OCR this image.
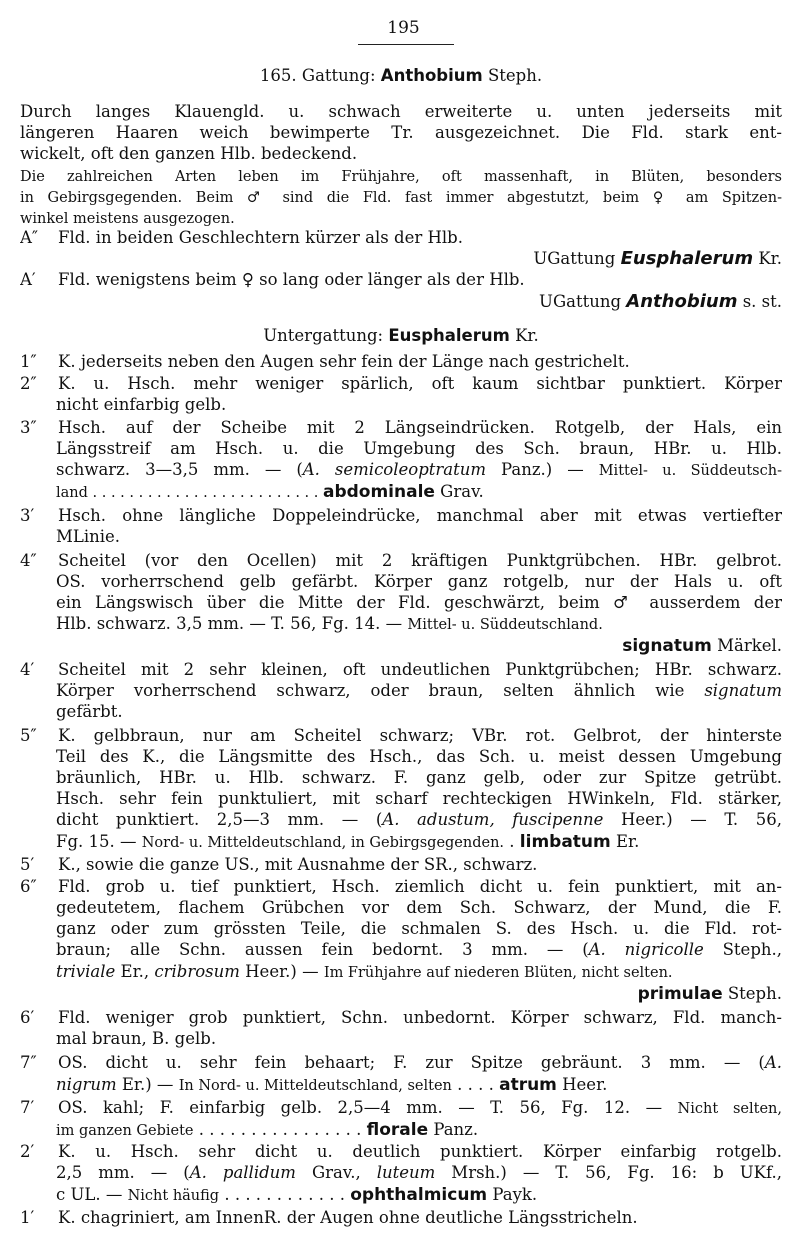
195
165. Gattung: Anthobium Steph.
Durch langes Klauengld. u. schwach erweiterte u. unten jederseits mit
längeren Haaren weich bewimperte Tr. ausgezeichnet. Die Fld. stark ent-
wickelt, oft den ganzen Hlb. bedeckend.
Die zahlreichen Arten leben im Frühjahre, oft massenhaft, in Blüten, besonders
in Gebirgsgegenden. Beim ♂ sind die Fld. fast immer abgestutzt, beim ♀ am Spitzen-
winkel meistens ausgezogen.
A″ Fld. in beiden Geschlechtern kürzer als der Hlb.
UGattung Eusphalerum Kr.
A′ Fld. wenigstens beim ♀ so lang oder länger als der Hlb.
UGattung Anthobium s. st.
Untergattung: Eusphalerum Kr.
1″ K. jederseits neben den Augen sehr fein der Länge nach gestrichelt.
2″ K. u. Hsch. mehr weniger spärlich, oft kaum sichtbar punktiert. Körper
nicht einfarbig gelb.
3″ Hsch. auf der Scheibe mit 2 Längseindrücken. Rotgelb, der Hals, ein
Längsstreif am Hsch. u. die Umgebung des Sch. braun, HBr. u. Hlb.
schwarz. 3—3,5 mm. — (A. semicoleoptratum Panz.) — Mittel- u. Süddeutsch-
land . . . . . . . . . . . . . . . . . . . . . . . . . abdominale Grav.
3′ Hsch. ohne längliche Doppeleindrücke, manchmal aber mit etwas vertiefter
MLinie.
4″ Scheitel (vor den Ocellen) mit 2 kräftigen Punktgrübchen. HBr. gelbrot.
OS. vorherrschend gelb gefärbt. Körper ganz rotgelb, nur der Hals u. oft
ein Längswisch über die Mitte der Fld. geschwärzt, beim ♂ ausserdem der
Hlb. schwarz. 3,5 mm. — T. 56, Fg. 14. — Mittel- u. Süddeutschland.
signatum Märkel.
4′ Scheitel mit 2 sehr kleinen, oft undeutlichen Punktgrübchen; HBr. schwarz.
Körper vorherrschend schwarz, oder braun, selten ähnlich wie signatum
gefärbt.
5″ K. gelbbraun, nur am Scheitel schwarz; VBr. rot. Gelbrot, der hinterste
Teil des K., die Längsmitte des Hsch., das Sch. u. meist dessen Umgebung
bräunlich, HBr. u. Hlb. schwarz. F. ganz gelb, oder zur Spitze getrübt.
Hsch. sehr fein punktuliert, mit scharf rechteckigen HWinkeln, Fld. stärker,
dicht punktiert. 2,5—3 mm. — (A. adustum, fuscipenne Heer.) — T. 56,
Fg. 15. — Nord- u. Mitteldeutschland, in Gebirgsgegenden. . limbatum Er.
5′ K., sowie die ganze US., mit Ausnahme der SR., schwarz.
6″ Fld. grob u. tief punktiert, Hsch. ziemlich dicht u. fein punktiert, mit an-
gedeutetem, flachem Grübchen vor dem Sch. Schwarz, der Mund, die F.
ganz oder zum grössten Teile, die schmalen S. des Hsch. u. die Fld. rot-
braun; alle Schn. aussen fein bedornt. 3 mm. — (A. nigricolle Steph.,
triviale Er., cribrosum Heer.) — Im Frühjahre auf niederen Blüten, nicht selten.
primulae Steph.
6′ Fld. weniger grob punktiert, Schn. unbedornt. Körper schwarz, Fld. manch-
mal braun, B. gelb.
7″ OS. dicht u. sehr fein behaart; F. zur Spitze gebräunt. 3 mm. — (A.
nigrum Er.) — In Nord- u. Mitteldeutschland, selten . . . . atrum Heer.
7′ OS. kahl; F. einfarbig gelb. 2,5—4 mm. — T. 56, Fg. 12. — Nicht selten,
im ganzen Gebiete . . . . . . . . . . . . . . . . florale Panz.
2′ K. u. Hsch. sehr dicht u. deutlich punktiert. Körper einfarbig rotgelb.
2,5 mm. — (A. pallidum Grav., luteum Mrsh.) — T. 56, Fg. 16: b UKf.,
c UL. — Nicht häufig . . . . . . . . . . . . ophthalmicum Payk.
1′ K. chagriniert, am InnenR. der Augen ohne deutliche Längsstricheln.
